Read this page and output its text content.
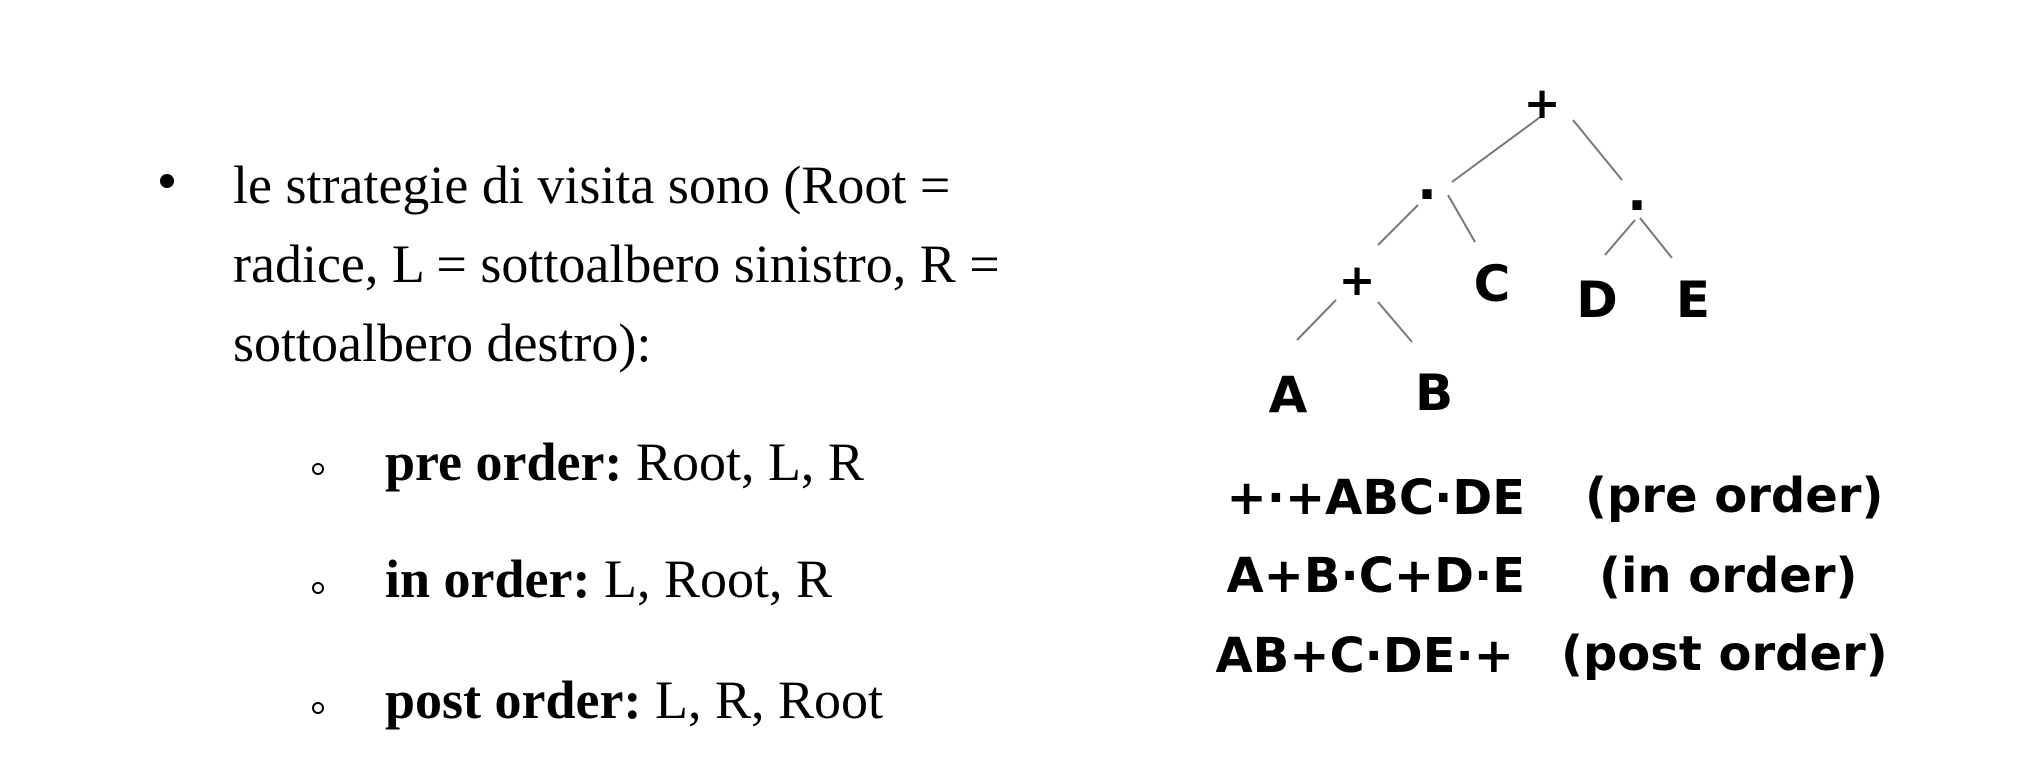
le strategie di visita sono (Root = radice, L = sottoalbero sinistro, R = sottoalbero destro):
pre order: Root, L, R
in order: L, Root, R
post order: L, R, Root
+
·	·
+ C D E
A B
+·+ABC·DE (pre order)
A+B·C+D·E (in order)
AB+C·DE·+ (post order)
